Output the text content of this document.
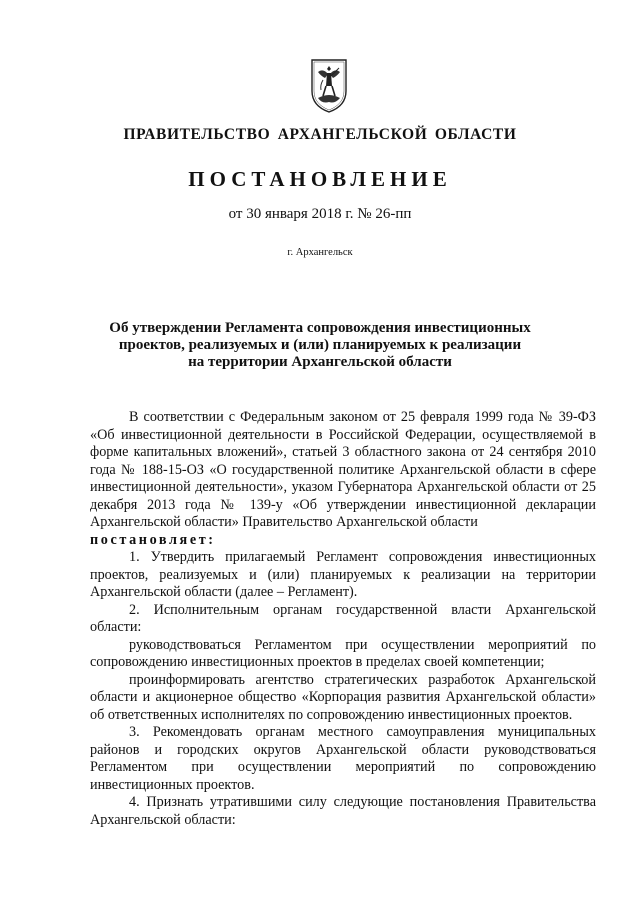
ПРАВИТЕЛЬСТВО АРХАНГЕЛЬСКОЙ ОБЛАСТИ
ПОСТАНОВЛЕНИЕ
от 30 января 2018 г. № 26-пп
г. Архангельск
Об утверждении Регламента сопровождения инвестиционных
проектов, реализуемых и (или) планируемых к реализации
на территории Архангельской области

В соответствии с Федеральным законом от 25 февраля 1999 года № 39-ФЗ «Об инвестиционной деятельности в Российской Федерации, осуществляемой в форме капитальных вложений», статьей 3 областного закона от 24 сентября 2010 года № 188-15-ОЗ «О государственной политике Архангельской области в сфере инвестиционной деятельности», указом Губернатора Архангельской области от 25 декабря 2013 года № 139-у «Об утверждении инвестиционной декларации Архангельской области» Правительство Архангельской области
постановляет:

1. Утвердить прилагаемый Регламент сопровождения инвестиционных проектов, реализуемых и (или) планируемых к реализации на территории Архангельской области (далее – Регламент).

2. Исполнительным органам государственной власти Архангельской области:

руководствоваться Регламентом при осуществлении мероприятий по сопровождению инвестиционных проектов в пределах своей компетенции;

проинформировать агентство стратегических разработок Архангельской области и акционерное общество «Корпорация развития Архангельской области» об ответственных исполнителях по сопровождению инвестиционных проектов.

3. Рекомендовать органам местного самоуправления муниципальных районов и городских округов Архангельской области руководствоваться Регламентом при осуществлении мероприятий по сопровождению инвестиционных проектов.

4. Признать утратившими силу следующие постановления Правительства Архангельской области:
